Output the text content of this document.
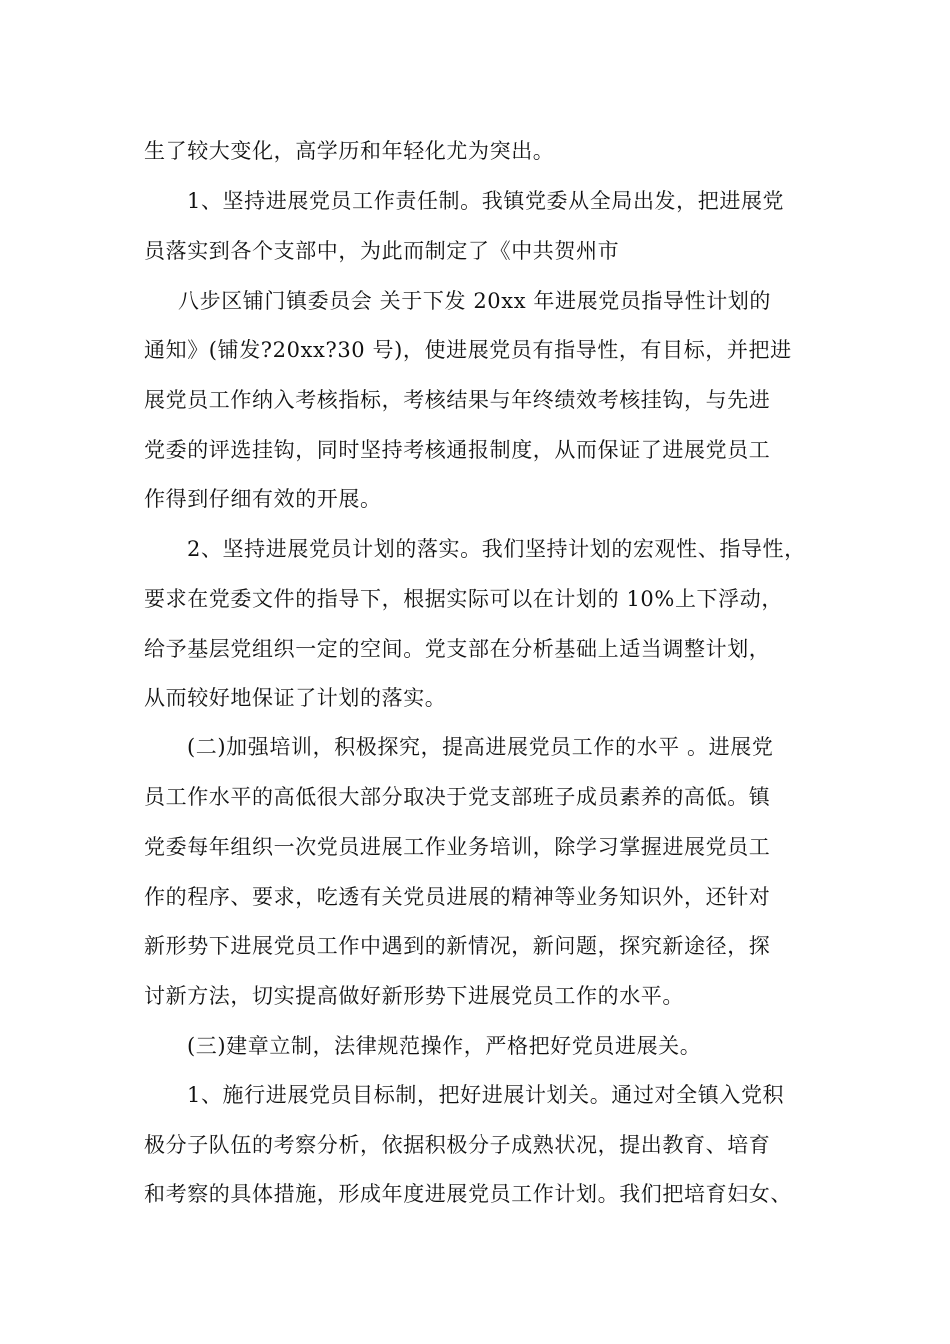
生了较大变化，高学历和年轻化尤为突出。
1、坚持进展党员工作责任制。我镇党委从全局出发，把进展党
员落实到各个支部中，为此而制定了《中共贺州市
八步区铺门镇委员会 关于下发 20xx 年进展党员指导性计划的
通知》(铺发?20xx?30 号)，使进展党员有指导性，有目标，并把进
展党员工作纳入考核指标，考核结果与年终绩效考核挂钩，与先进
党委的评选挂钩，同时坚持考核通报制度，从而保证了进展党员工
作得到仔细有效的开展。
2、坚持进展党员计划的落实。我们坚持计划的宏观性、指导性，
要求在党委文件的指导下，根据实际可以在计划的 10%上下浮动，
给予基层党组织一定的空间。党支部在分析基础上适当调整计划，
从而较好地保证了计划的落实。
(二)加强培训，积极探究，提高进展党员工作的水平 。进展党
员工作水平的高低很大部分取决于党支部班子成员素养的高低。镇
党委每年组织一次党员进展工作业务培训，除学习掌握进展党员工
作的程序、要求，吃透有关党员进展的精神等业务知识外，还针对
新形势下进展党员工作中遇到的新情况，新问题，探究新途径，探
讨新方法，切实提高做好新形势下进展党员工作的水平。
(三)建章立制，法律规范操作，严格把好党员进展关。
1、施行进展党员目标制，把好进展计划关。通过对全镇入党积
极分子队伍的考察分析，依据积极分子成熟状况，提出教育、培育
和考察的具体措施，形成年度进展党员工作计划。我们把培育妇女、
